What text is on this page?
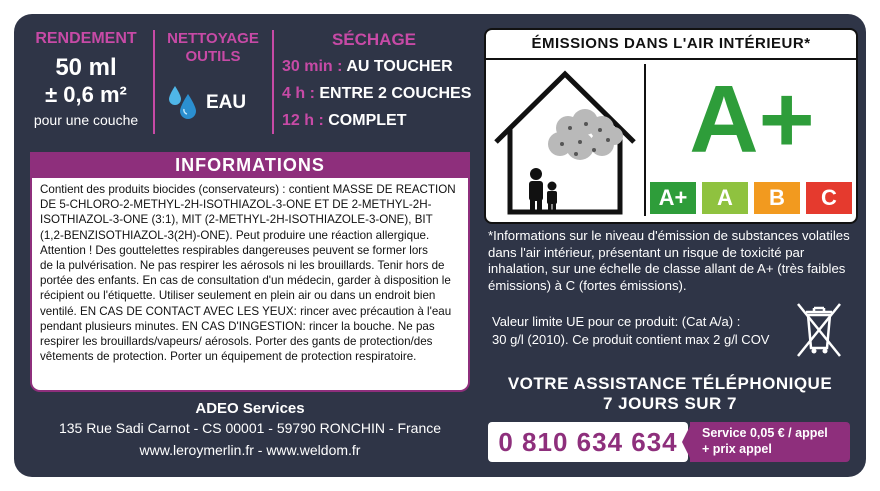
RENDEMENT
50 ml
± 0,6 m²
pour une couche
NETTOYAGE
OUTILS
EAU
SÉCHAGE
30 min : AU TOUCHER
4 h : ENTRE 2 COUCHES
12 h : COMPLET
INFORMATIONS
Contient des produits biocides (conservateurs) : contient MASSE DE REACTION
DE 5-CHLORO-2-METHYL-2H-ISOTHIAZOL-3-ONE ET DE 2-METHYL-2H-
ISOTHIAZOL-3-ONE (3:1), MIT (2-METHYL-2H-ISOTHIAZOLE-3-ONE), BIT
(1,2-BENZISOTHIAZOL-3(2H)-ONE). Peut produire une réaction allergique.
Attention ! Des gouttelettes respirables dangereuses peuvent se former lors
de la pulvérisation. Ne pas respirer les aérosols ni les brouillards. Tenir hors de
portée des enfants. En cas de consultation d'un médecin, garder à disposition le
récipient ou l'étiquette. Utiliser seulement en plein air ou dans un endroit bien
ventilé. EN CAS DE CONTACT AVEC LES YEUX: rincer avec précaution à l'eau
pendant plusieurs minutes. EN CAS D'INGESTION: rincer la bouche. Ne pas
respirer les brouillards/vapeurs/ aérosols. Porter des gants de protection/des
vêtements de protection. Porter un équipement de protection respiratoire.
ADEO Services
135 Rue Sadi Carnot - CS 00001 - 59790 RONCHIN - France
www.leroymerlin.fr - www.weldom.fr
ÉMISSIONS DANS L'AIR INTÉRIEUR*
A+
A+	A	B	C
*Informations sur le niveau d'émission de substances volatiles
dans l'air intérieur, présentant un risque de toxicité par
inhalation, sur une échelle de classe allant de A+ (très faibles
émissions) à C (fortes émissions).
Valeur limite UE pour ce produit: (Cat A/a) :
30 g/l (2010). Ce produit contient max 2 g/l COV
VOTRE ASSISTANCE TÉLÉPHONIQUE
7 JOURS SUR 7
0 810 634 634	Service 0,05 € / appel
+ prix appel
